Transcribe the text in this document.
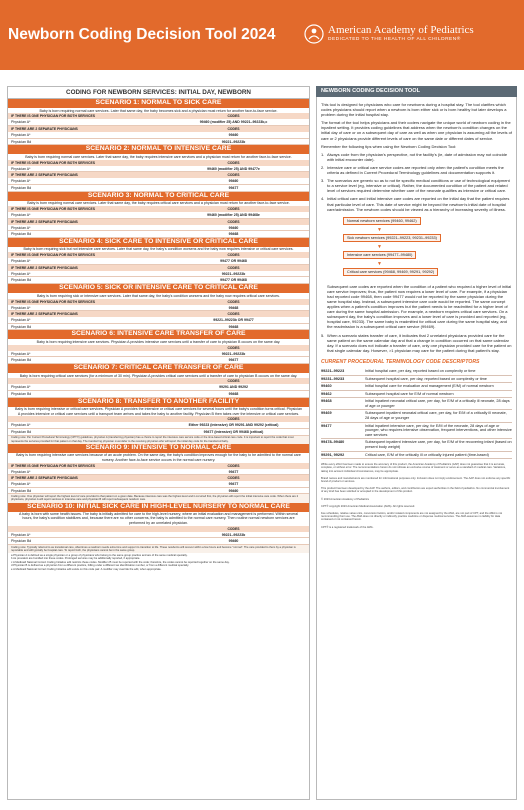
Newborn Coding Decision Tool 2024	American Academy of Pediatrics
DEDICATED TO THE HEALTH OF ALL CHILDREN®
CODING FOR NEWBORN SERVICES: INITIAL DAY, NEWBORN
SCENARIO 1: NORMAL TO SICK CARE
Baby is born requiring normal care services. Later that same day, the baby becomes sick and a physician must return for another face-to-face service.
IF THERE IS ONE PHYSICIAN FOR BOTH SERVICES	CODES
Physician A*	99460 (modifier 25) AND 99221–99223b,c
IF THERE ARE 2 SEPARATE PHYSICIANS	CODES
Physician A*	99460
Physician Bd	99221–99223b
SCENARIO 2: NORMAL TO INTENSIVE CARE
Baby is born requiring normal care services. Later that same day, the baby requires intensive care services and a physician must return for another face-to-face service.
IF THERE IS ONE PHYSICIAN FOR BOTH SERVICES	CODES
Physician A*	99460 (modifier 25) AND 99477e
IF THERE ARE 2 SEPARATE PHYSICIANS	CODES
Physician A*	99460
Physician Bd	99477
SCENARIO 3: NORMAL TO CRITICAL CARE
Baby is born requiring normal care services. Later that same day, the baby requires critical care services and a physician must return for another face-to-face service.
IF THERE IS ONE PHYSICIAN FOR BOTH SERVICES	CODES
Physician A*	99460 (modifier 25) AND 99468e
IF THERE ARE 2 SEPARATE PHYSICIANS	CODES
Physician A*	99460
Physician Bd	99468
SCENARIO 4: SICK CARE TO INTENSIVE OR CRITICAL CARE
Baby is born requiring sick but not intensive care services. Later that same day, the baby's condition worsens and the baby now requires intensive or critical care services.
IF THERE IS ONE PHYSICIAN FOR BOTH SERVICES	CODES
Physician A*	99477 OR 99468
IF THERE ARE 2 SEPARATE PHYSICIANS	CODES
Physician A*	99221–99223b
Physician Bd	99477 OR 99468
SCENARIO 5: SICK OR INTENSIVE CARE TO CRITICAL CARE
Baby is born requiring sick or intensive care services. Later that same day, the baby's condition worsens and the baby now requires critical care services.
IF THERE IS ONE PHYSICIAN FOR BOTH SERVICES	CODES
Physician A*	99468
IF THERE ARE 2 SEPARATE PHYSICIANS	CODES
Physician A*	99221–99223b OR 99477
Physician Bd	99468
SCENARIO 6: INTENSIVE CARE TRANSFER OF CARE
Baby is born requiring intensive care services. Physician A provides intensive care services until a transfer of care to physician B occurs on the same day.
CODES
Physician A*	99221–99223b
Physician Bd	99477
SCENARIO 7: CRITICAL CARE TRANSFER OF CARE
Baby is born requiring critical care services (for a minimum of 30 min). Physician A provides critical care services until a transfer of care to physician B occurs on the same day.
CODES
Physician A*	99291 AND 99292
Physician Bd	99468
SCENARIO 8: TRANSFER TO ANOTHER FACILITY
Baby is born requiring intensive or critical care services. Physician A provides the intensive or critical care services for several hours until the baby's condition turns critical. Physician A provides intensive or critical care services until a transport team arrives and takes the baby to another facility. Physician B then takes over the intensive or critical care services.
CODES
Physician A*	Either 99223 (intensive) OR 99291 AND 99292 (critical)
Physician Bd	99477 (intensive) OR 99468 (critical)
Coding note: Per Current Procedural Terminology (CPT®) guidelines, physician A (transferring physician) has a choice to report the intensive care service code or the time-based critical care code. It is important to report the code that most represents the services provided for that patient on that day. The transferring physician must defer to the receiving physician who will report the initial day code for the transferred baby.
SCENARIO 9: INTENSIVE TO NORMAL CARE
Baby is born requiring intensive care services because of an acute problem. On the same day, the baby's condition improves enough for the baby to be admitted to the normal care nursery. Another face-to-face service occurs in the normal care nursery.
IF THERE IS ONE PHYSICIAN FOR BOTH SERVICES	CODES
Physician A*	99477
IF THERE ARE 2 SEPARATE PHYSICIANS	CODES
Physician A*	99477
Physician Bd	99460
Coding note: One physician will report the highest level of care provided to that patient on a given date. Because intensive care was the highest level and it occurred first, the physician will report the initial intensive care code. When there are 2 physicians, physician A will report services in intensive care and physician B will report subsequent newborn care.
SCENARIO 10: INITIAL SICK CARE IN HIGH-LEVEL NURSERY TO NORMAL CARE
A baby is born with some health issues. The baby is initially admitted for care to the high-level nursery, where an initial evaluation and management is performed. Within several hours, the baby's condition stabilizes and, because there are no other concerns, the baby is admitted to the normal care nursery. Then routine normal newborn services are performed by an unrelated physician.
CODES
Physician A*	99221–99223b
Physician Bd	99460
Coding note: Typically referred to as transitional care, oftentimes a newborn needs extra time and support to transition to life. These newborns will recover within a few hours and become "normal". The care provided to them by a physician is reportable and will typically be hospital care. To report both, the physicians cannot be in the same group.
a Physician A is defined as a single physician or a group of physicians who belong to the same group practice and are of the same medical specialty.
b As prevalent are bundled into these codes. Prolonged services may be additionally reported, if appropriate.
c A Medicaid National Correct Coding Initiative edit restricts these codes. Modifier 25 must be reported with the code; therefore, the codes cannot be reported together on the same day.
d Physician B is defined as a physician from a different practice, billing under a different tax identification number, or from a different medical specialty.
e A Medicaid National Correct Coding Initiative edit exists on this code pair. A modifier may override the edit, when appropriate.
NEWBORN CODING DECISION TOOL

This tool is designed for physicians who care for newborns during a hospital stay. The tool clarifies which codes physicians should report when a newborn is born either sick or is born healthy but later develops a problem during the initial hospital stay.

The format of the tool helps physicians and their coders navigate the unique world of newborn coding in the inpatient setting. It provides coding guidelines that address when the newborn's condition changes on the initial day of care or on a subsequent day of care as well as when one physician is assuming all the levels of care or 2 physicians provide different levels of care on the same date or different dates of service.

Remember the following tips when using the Newborn Coding Decision Tool:

1. Always code from the physician's perspective, not the facility's (ie, date of admission may not coincide with initial encounter date).
2. Intensive care or critical care service codes are reported only when the patient's condition meets the criteria as defined in Current Procedural Terminology guidelines and documentation supports it.
3. The scenarios are generic so as to not tie specific medical conditions or use of technological equipment to a service level (eg, intensive or critical). Rather, the documented condition of the patient and related level of services required determine whether care of the neonate qualifies as intensive or critical care.
4. Initial critical care and initial intensive care codes are reported on the initial day that the patient requires that particular level of care. This date of service might be beyond the newborn's initial date of hospital care/admission. The newborn codes should be viewed as a hierarchy of increasing severity of illness.
Normal newborn services (99460, 99462)
▼
Sick newborn services (99221–99223, 99231–99233)
▼
Intensive care services (99477–99480)
▼
Critical care services (99468, 99469, 99291, 99292)

Subsequent care codes are reported when the condition of a patient who required a higher level of initial care service improves; thus, the patient now requires a lower level of care. For example, if a physician had reported code 99468, then code 99477 would not be reported by the same physician during the same hospital stay. Instead, a subsequent intensive care code would be reported. The same concept applies when a patient's condition improves but the patient needs to be readmitted for a higher level of care during the same hospital admission. For example, a newborn requires critical care services. On a subsequent day, the baby's condition improves and a lower level of care is provided and reported (eg, hospital care, 99233). The same baby is readmitted for critical care during the same hospital stay, and the readmission is a subsequent critical care service (99469).

5. When a scenario states transfer of care, it indicates that 2 unrelated physicians provided care for the same patient on the same calendar day and that a change in condition occurred on that same calendar day. If a scenario does not indicate a transfer of care, only one physician provided care for the patient on that single calendar day. However, >1 physician may care for the patient during that patient's stay.
CURRENT PROCEDURAL TERMINOLOGY CODE DESCRIPTORS
99221–99223	Initial hospital care, per day, reported based on complexity or time
99231–99233	Subsequent hospital care, per day, reported based on complexity or time
99460	Initial hospital care for evaluation and management (E/M) of normal newborn
99462	Subsequent hospital care for E/M of normal newborn
99468	Initial inpatient neonatal critical care, per day, for E/M of a critically ill neonate, 28 days of age or younger
99469	Subsequent inpatient neonatal critical care, per day, for E/M of a critically ill neonate, 28 days of age or younger
99477	Initial inpatient intensive care, per day, for E/M of the neonate, 28 days of age or younger, who requires intensive observation, frequent interventions, and other intensive care services
99478–99480	Subsequent inpatient intensive care, per day, for E/M of the recovering infant (based on present body weight)
99291, 99292	Critical care, E/M of the critically ill or critically injured patient (time-based)

While every effort has been made to ensure the accuracy of this product, the American Academy of Pediatrics (AAP) does not guarantee that it is accurate, complete, or without error. The recommendations herein do not indicate an exclusive course of treatment or serve as a standard of medical care. Variations, taking into account individual circumstances, may be appropriate.

Brand names and manufacturers are mentioned for informational purposes only. Inclusion does not imply endorsement. The AAP does not endorse any specific brand of product or services.

This product has been developed by the AAP. The authors, editors, and contributors are expert authorities in the field of pediatrics. No commercial involvement of any kind has been solicited or accepted in the development of this product.

© 2023 American Academy of Pediatrics

CPT® copyright 2023 American Medical Association (AMA). All rights reserved.

Fee schedules, relative value units, conversion factors, and/or related components are not assigned by the AMA, are not part of CPT, and the AMA is not recommending their use. The AMA does not directly or indirectly practice medicine or dispense medical services. The AMA assumes no liability for data contained or not contained herein.

CPT® is a registered trademark of the AMA.
